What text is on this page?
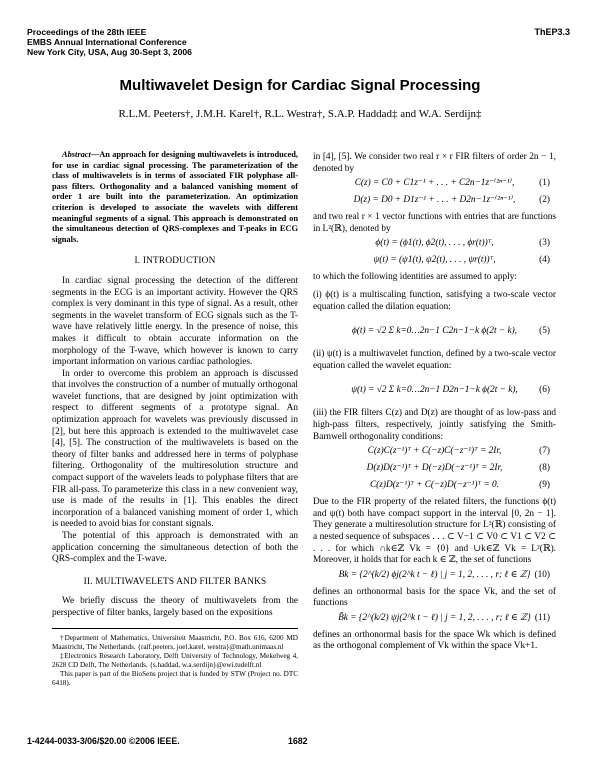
Proceedings of the 28th IEEE
EMBS Annual International Conference
New York City, USA, Aug 30-Sept 3, 2006
ThEP3.3
Multiwavelet Design for Cardiac Signal Processing
R.L.M. Peeters†, J.M.H. Karel†, R.L. Westra†, S.A.P. Haddad‡ and W.A. Serdijn‡

Abstract—An approach for designing multiwavelets is introduced, for use in cardiac signal processing. The parameterization of the class of multiwavelets is in terms of associated FIR polyphase all-pass filters. Orthogonality and a balanced vanishing moment of order 1 are built into the parameterization. An optimization criterion is developed to associate the wavelets with different meaningful segments of a signal. This approach is demonstrated on the simultaneous detection of QRS-complexes and T-peaks in ECG signals.

I. INTRODUCTION

In cardiac signal processing the detection of the different segments in the ECG is an important activity. However the QRS complex is very dominant in this type of signal. As a result, other segments in the wavelet transform of ECG signals such as the T-wave have relatively little energy. In the presence of noise, this makes it difficult to obtain accurate information on the morphology of the T-wave, which however is known to carry important information on various cardiac pathologies.

In order to overcome this problem an approach is discussed that involves the construction of a number of mutually orthogonal wavelet functions, that are designed by joint optimization with respect to different segments of a prototype signal. An optimization approach for wavelets was previously discussed in [2], but here this approach is extended to the multiwavelet case [4], [5]. The construction of the multiwavelets is based on the theory of filter banks and addressed here in terms of polyphase filtering. Orthogonality of the multiresolution structure and compact support of the wavelets leads to polyphase filters that are FIR all-pass. To parameterize this class in a new convenient way, use is made of the results in [1]. This enables the direct incorporation of a balanced vanishing moment of order 1, which is needed to avoid bias for constant signals.

The potential of this approach is demonstrated with an application concerning the simultaneous detection of both the QRS-complex and the T-wave.

II. MULTIWAVELETS AND FILTER BANKS

We briefly discuss the theory of multiwavelets from the perspective of filter banks, largely based on the expositions

†Department of Mathematics, Universiteit Maastricht, P.O. Box 616, 6200 MD Maastricht, The Netherlands. {ralf.peeters, joel.karel, westra}@math.unimaas.nl

‡Electronics Research Laboratory, Delft University of Technology, Mekelweg 4, 2628 CD Delft, The Netherlands. {s.haddad, w.a.serdijn}@ewi.tudelft.nl

This paper is part of the BioSens project that is funded by STW (Project no. DTC 6418).

in [4], [5]. We consider two real r × r FIR filters of order 2n − 1, denoted by

C(z) = C0 + C1z⁻¹ + . . . + C2n−1z⁻⁽²ⁿ⁻¹⁾,	(1)
D(z) = D0 + D1z⁻¹ + . . . + D2n−1z⁻⁽²ⁿ⁻¹⁾,	(2)

and two real r × 1 vector functions with entries that are functions in L²(ℝ), denoted by

ϕ(t) = (ϕ1(t), ϕ2(t), . . . , ϕr(t))ᵀ,	(3)
ψ(t) = (ψ1(t), ψ2(t), . . . , ψr(t))ᵀ,	(4)

to which the following identities are assumed to apply:

(i) ϕ(t) is a multiscaling function, satisfying a two-scale vector equation called the dilation equation:

ϕ(t) = √2 Σ k=0…2n−1 C2n−1−k ϕ(2t − k), (5)

(ii) ψ(t) is a multiwavelet function, defined by a two-scale vector equation called the wavelet equation:

ψ(t) = √2 Σ k=0…2n−1 D2n−1−k ϕ(2t − k), (6)

(iii) the FIR filters C(z) and D(z) are thought of as low-pass and high-pass filters, respectively, jointly satisfying the Smith-Barnwell orthogonality conditions:

C(z)C(z⁻¹)ᵀ + C(−z)C(−z⁻¹)ᵀ = 2Ir,	(7)
D(z)D(z⁻¹)ᵀ + D(−z)D(−z⁻¹)ᵀ = 2Ir,	(8)
C(z)D(z⁻¹)ᵀ + C(−z)D(−z⁻¹)ᵀ = 0.	(9)

Due to the FIR property of the related filters, the functions ϕ(t) and ψ(t) both have compact support in the interval [0, 2n − 1]. They generate a multiresolution structure for L²(ℝ) consisting of a nested sequence of subspaces . . . ⊂ V−1 ⊂ V0 ⊂ V1 ⊂ V2 ⊂ . . . for which ∩k∈ℤ Vk = {0} and ∪k∈ℤ Vk = L²(ℝ). Moreover, it holds that for each k ∈ ℤ, the set of functions

Bk = {2^(k/2) ϕj(2^k t − ℓ) | j = 1, 2, . . . , r; ℓ ∈ ℤ} (10)

defines an orthonormal basis for the space Vk, and the set of functions

B̃k = {2^(k/2) ψj(2^k t − ℓ) | j = 1, 2, . . . , r; ℓ ∈ ℤ} (11)

defines an orthonormal basis for the space Wk which is defined as the orthogonal complement of Vk within the space Vk+1.

1-4244-0033-3/06/$20.00 ©2006 IEEE.	1682
